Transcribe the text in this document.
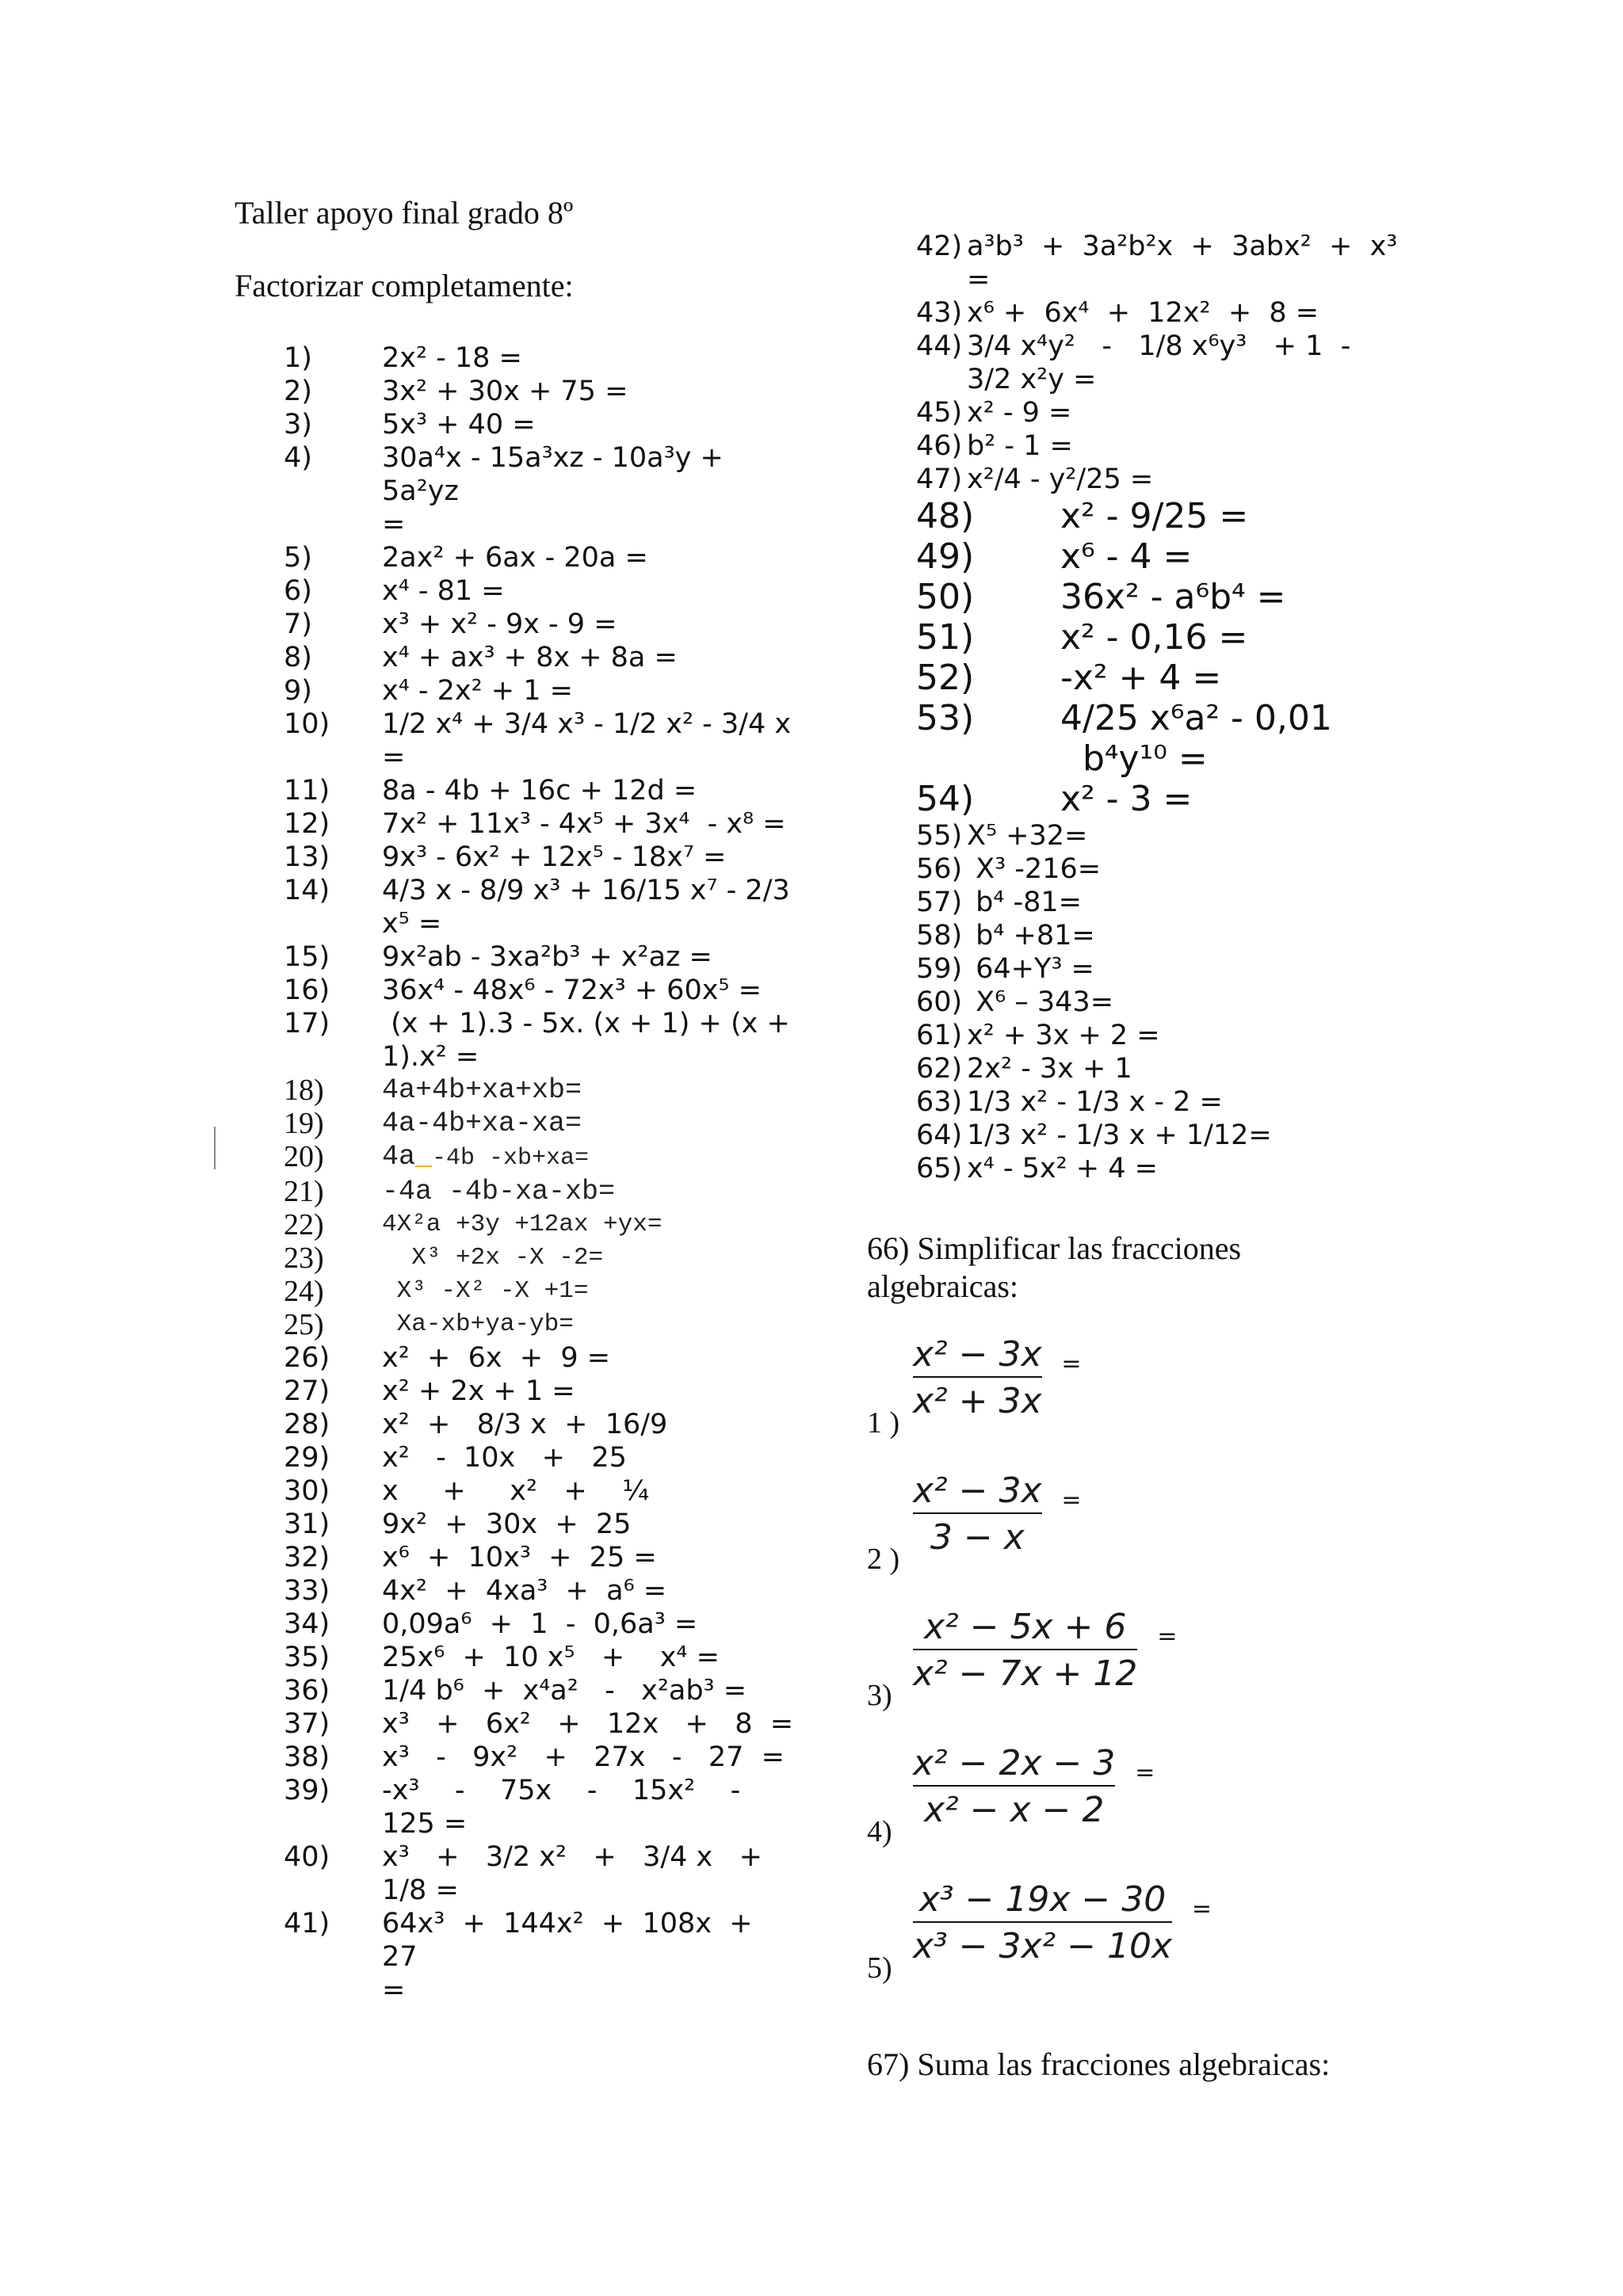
Taller apoyo final grado 8º

Factorizar completamente:

1)	2x² - 18 =
2)	3x² + 30x + 75 =
3)	5x³ + 40 =
4)	30a⁴x - 15a³xz - 10a³y + 5a²yz
=
5)	2ax² + 6ax - 20a =
6)	x⁴ - 81 =
7)	x³ + x² - 9x - 9 =
8)	x⁴ + ax³ + 8x + 8a =
9)	x⁴ - 2x² + 1 =
10)	1/2 x⁴ + 3/4 x³ - 1/2 x² - 3/4 x
=
11)	8a - 4b + 16c + 12d =
12)	7x² + 11x³ - 4x⁵ + 3x⁴  - x⁸ =
13)	9x³ - 6x² + 12x⁵ - 18x⁷ =
14)	4/3 x - 8/9 x³ + 16/15 x⁷ - 2/3
x⁵ =
15)	9x²ab - 3xa²b³ + x²az =
16)	36x⁴ - 48x⁶ - 72x³ + 60x⁵ =
17)	(x + 1).3 - 5x. (x + 1) + (x +
1).x² =
18)	4a+4b+xa+xb=
19)	4a-4b+xa-xa=
20)	4a_-4b -xb+xa=
21)	-4a -4b-xa-xb=
22)	4X²a +3y +12ax +yx=
23)	X³ +2x -X -2=
24)	X³ -X² -X +1=
25)	Xa-xb+ya-yb=
26)	x²  +  6x  +  9 =
27)	x² + 2x + 1 =
28)	x²  +   8/3 x  +  16/9
29)	x²   -  10x   +   25
30)	x     +     x²   +    ¼
31)	9x²  +  30x  +  25
32)	x⁶  +  10x³  +  25 =
33)	4x²  +  4xa³  +  a⁶ =
34)	0,09a⁶  +  1  -  0,6a³ =
35)	25x⁶  +  10 x⁵   +    x⁴ =
36)	1/4 b⁶  +  x⁴a²   -   x²ab³ =
37)	x³   +   6x²   +   12x   +   8  =
38)	x³   -   9x²   +   27x   -   27  =
39)	-x³    -    75x    -    15x²    -
125 =
40)	x³   +   3/2 x²   +   3/4 x   +
1/8 =
41)	64x³  +  144x²  +  108x  +  27
=
42) a³b³  +  3a²b²x  +  3abx²  +  x³
=
43) x⁶ +  6x⁴  +  12x²  +  8 =
44) 3/4 x⁴y²   -   1/8 x⁶y³   + 1  -
3/2 x²y =
45) x² - 9 =
46) b² - 1 =
47) x²/4 - y²/25 =
48)	x² - 9/25 =
49)	x⁶ - 4 =
50)	36x² - a⁶b⁴ =
51)	x² - 0,16 =
52)	-x² + 4 =
53)	4/25 x⁶a² - 0,01
b⁴y¹⁰ =
54)	x² - 3 =
55) X⁵ +32=
56) X³ -216=
57) b⁴ -81=
58) b⁴ +81=
59) 64+Y³ =
60) X⁶ – 343=
61) x² + 3x + 2 =
62) 2x² - 3x + 1
63) 1/3 x² - 1/3 x - 2 =
64) 1/3 x² - 1/3 x + 1/12=
65) x⁴ - 5x² + 4 =

66) Simplificar las fracciones
algebraicas:

1 )
x² − 3x
x² + 3x
=
2 )
x² − 3x
3 − x
=
3)
x² − 5x + 6
x² − 7x + 12
=
4)
x² − 2x − 3
x² − x − 2
=
5)
x³ − 19x − 30
x³ − 3x² − 10x
=

67) Suma las fracciones algebraicas:
